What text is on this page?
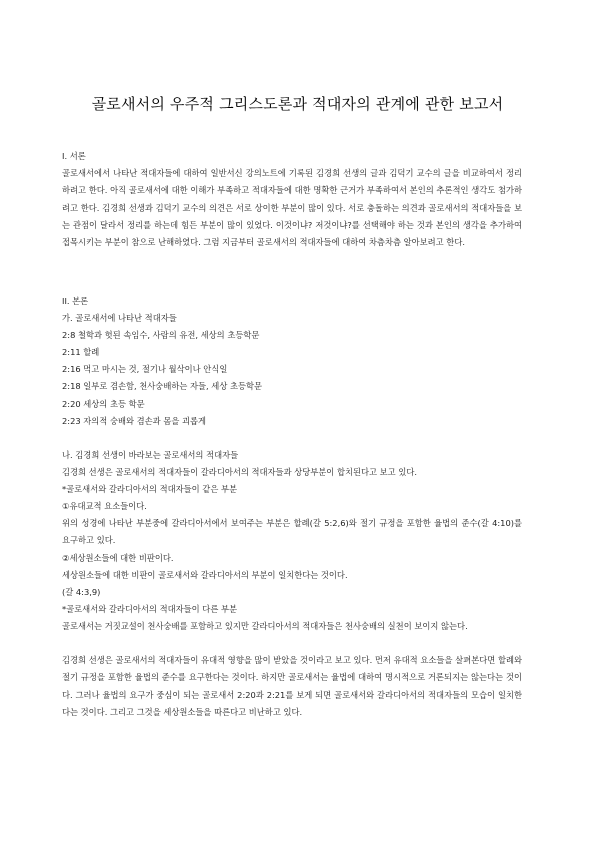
골로새서의 우주적 그리스도론과 적대자의 관계에 관한 보고서
I. 서론
골로새서에서 나타난 적대자들에 대하여 일반서신 강의노트에 기록된 김경희 선생의 글과 김덕기 교수의 글을 비교하여서 정리하려고 한다. 아직 골로새서에 대한 이해가 부족하고 적대자들에 대한 명확한 근거가 부족하여서 본인의 추론적인 생각도 첨가하려고 한다. 김경희 선생과 김덕기 교수의 의견은 서로 상이한 부분이 많이 있다. 서로 충돌하는 의견과 골로새서의 적대자들을 보는 관점이 달라서 정리를 하는데 힘든 부분이 많이 있었다. 이것이냐? 저것이냐?를 선택해야 하는 것과 본인의 생각을 추가하여 접목시키는 부분이 참으로 난해하였다. 그럼 지금부터 골로새서의 적대자들에 대하여 차츰차츰 알아보려고 한다.
II. 본론
가. 골로새서에 나타난 적대자들
2:8 철학과 헛된 속임수, 사람의 유전, 세상의 초등학문
2:11 할례
2:16 먹고 마시는 것, 절기나 월삭이나 안식일
2:18 일부로 겸손함, 천사숭배하는 자들, 세상 초등학문
2:20 세상의 초등 학문
2:23 자의적 숭배와 겸손과 몸을 괴롭게
나. 김경희 선생이 바라보는 골로새서의 적대자들
김경희 선생은 골로새서의 적대자들이 갈라디아서의 적대자들과 상당부분이 합치된다고 보고 있다.
*골로새서와 갈라디아서의 적대자들이 같은 부분
①유대교적 요소들이다.
위의 성경에 나타난 부분중에 갈라디아서에서 보여주는 부분은 할례(갈 5:2,6)와 절기 규정을 포함한 율법의 준수(갈 4:10)를 요구하고 있다.
②세상원소들에 대한 비판이다.
세상원소들에 대한 비판이 골로새서와 갈라디아서의 부분이 일치한다는 것이다.
(갈 4:3,9)
*골로새서와 갈라디아서의 적대자들이 다른 부분
골로새서는 거짓교설이 천사숭배를 포함하고 있지만 갈라디아서의 적대자들은 천사숭배의 실천이 보이지 않는다.
김경희 선생은 골로새서의 적대자들이 유대적 영향을 많이 받았을 것이라고 보고 있다. 먼저 유대적 요소들을 살펴본다면 할례와 절기 규정을 포함한 율법의 준수를 요구한다는 것이다. 하지만 골로새서는 율법에 대하여 명시적으로 거론되지는 않는다는 것이다. 그러나 율법의 요구가 중심이 되는 골로새서 2:20과 2:21를 보게 되면 골로새서와 갈라디아서의 적대자들의 모습이 일치한다는 것이다. 그리고 그것을 세상원소들을 따른다고 비난하고 있다.
